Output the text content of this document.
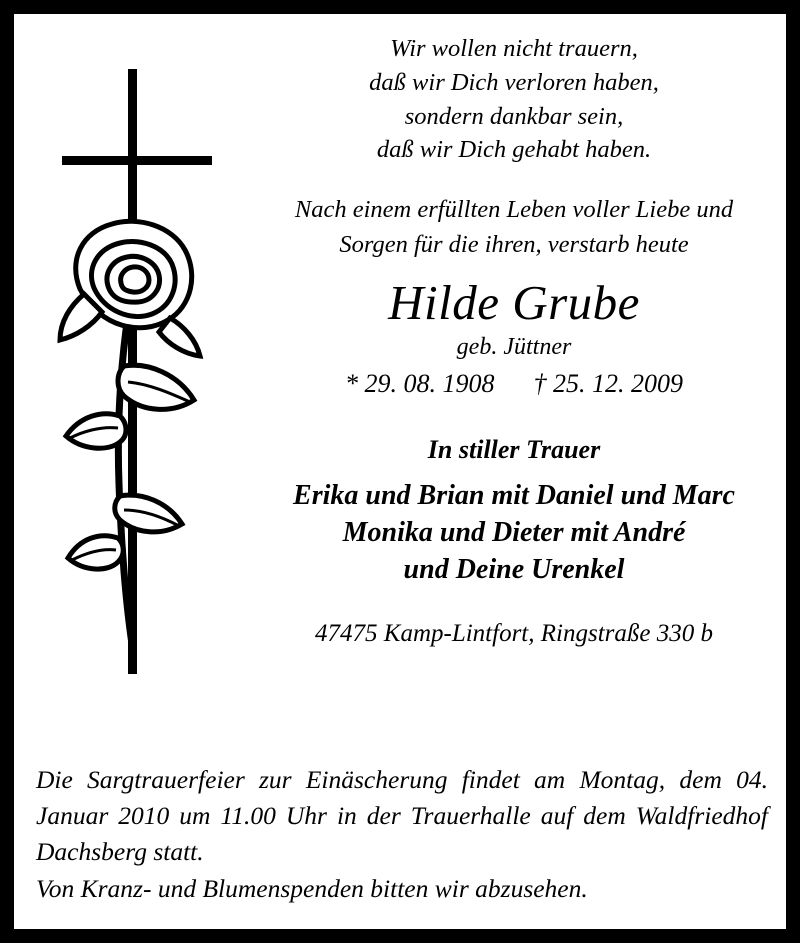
Wir wollen nicht trauern,
daß wir Dich verloren haben,
sondern dankbar sein,
daß wir Dich gehabt haben.
Nach einem erfüllten Leben voller Liebe und
Sorgen für die ihren, verstarb heute
Hilde Grube
geb. Jüttner
* 29. 08. 1908 † 25. 12. 2009
In stiller Trauer
Erika und Brian mit Daniel und Marc
Monika und Dieter mit André
und Deine Urenkel
47475 Kamp-Lintfort, Ringstraße 330 b
Die Sargtrauerfeier zur Einäscherung findet am Montag, dem 04. Januar 2010 um 11.00 Uhr in der Trauerhalle auf dem Waldfriedhof Dachsberg statt.
Von Kranz- und Blumenspenden bitten wir abzusehen.
